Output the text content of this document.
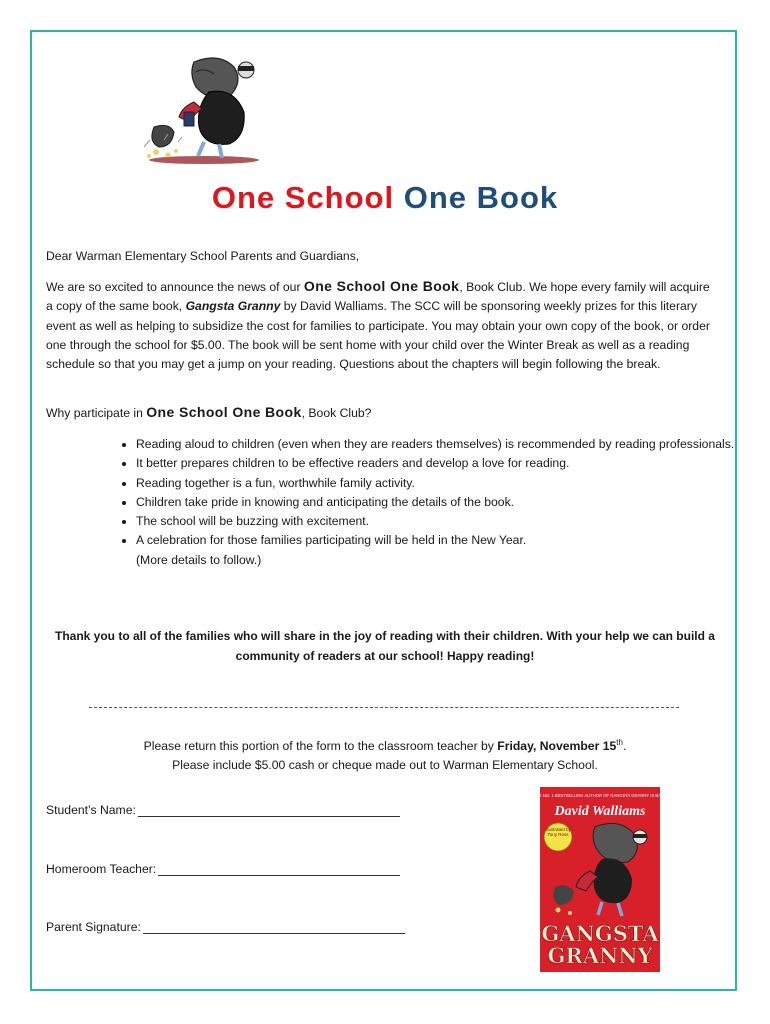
One School One Book
Dear Warman Elementary School Parents and Guardians,
We are so excited to announce the news of our One School One Book, Book Club. We hope every family will acquire a copy of the same book, Gangsta Granny by David Walliams. The SCC will be sponsoring weekly prizes for this literary event as well as helping to subsidize the cost for families to participate. You may obtain your own copy of the book, or order one through the school for $5.00. The book will be sent home with your child over the Winter Break as well as a reading schedule so that you may get a jump on your reading. Questions about the chapters will begin following the break.
Why participate in One School One Book, Book Club?
• Reading aloud to children (even when they are readers themselves) is recommended by reading professionals.
• It better prepares children to be effective readers and develop a love for reading.
• Reading together is a fun, worthwhile family activity.
• Children take pride in knowing and anticipating the details of the book.
• The school will be buzzing with excitement.
• A celebration for those families participating will be held in the New Year.
(More details to follow.)
Thank you to all of the families who will share in the joy of reading with their children. With your help we can build a community of readers at our school! Happy reading!
Please return this portion of the form to the classroom teacher by Friday, November 15th.
Please include $5.00 cash or cheque made out to Warman Elementary School.
Student’s Name:
Homeroom Teacher:
Parent Signature:
THE NO. 1 BESTSELLING AUTHOR OF GANGSTA GRANNY IS BACK
David Walliams
Illustrated by Tony Ross
GANGSTA
GRANNY
